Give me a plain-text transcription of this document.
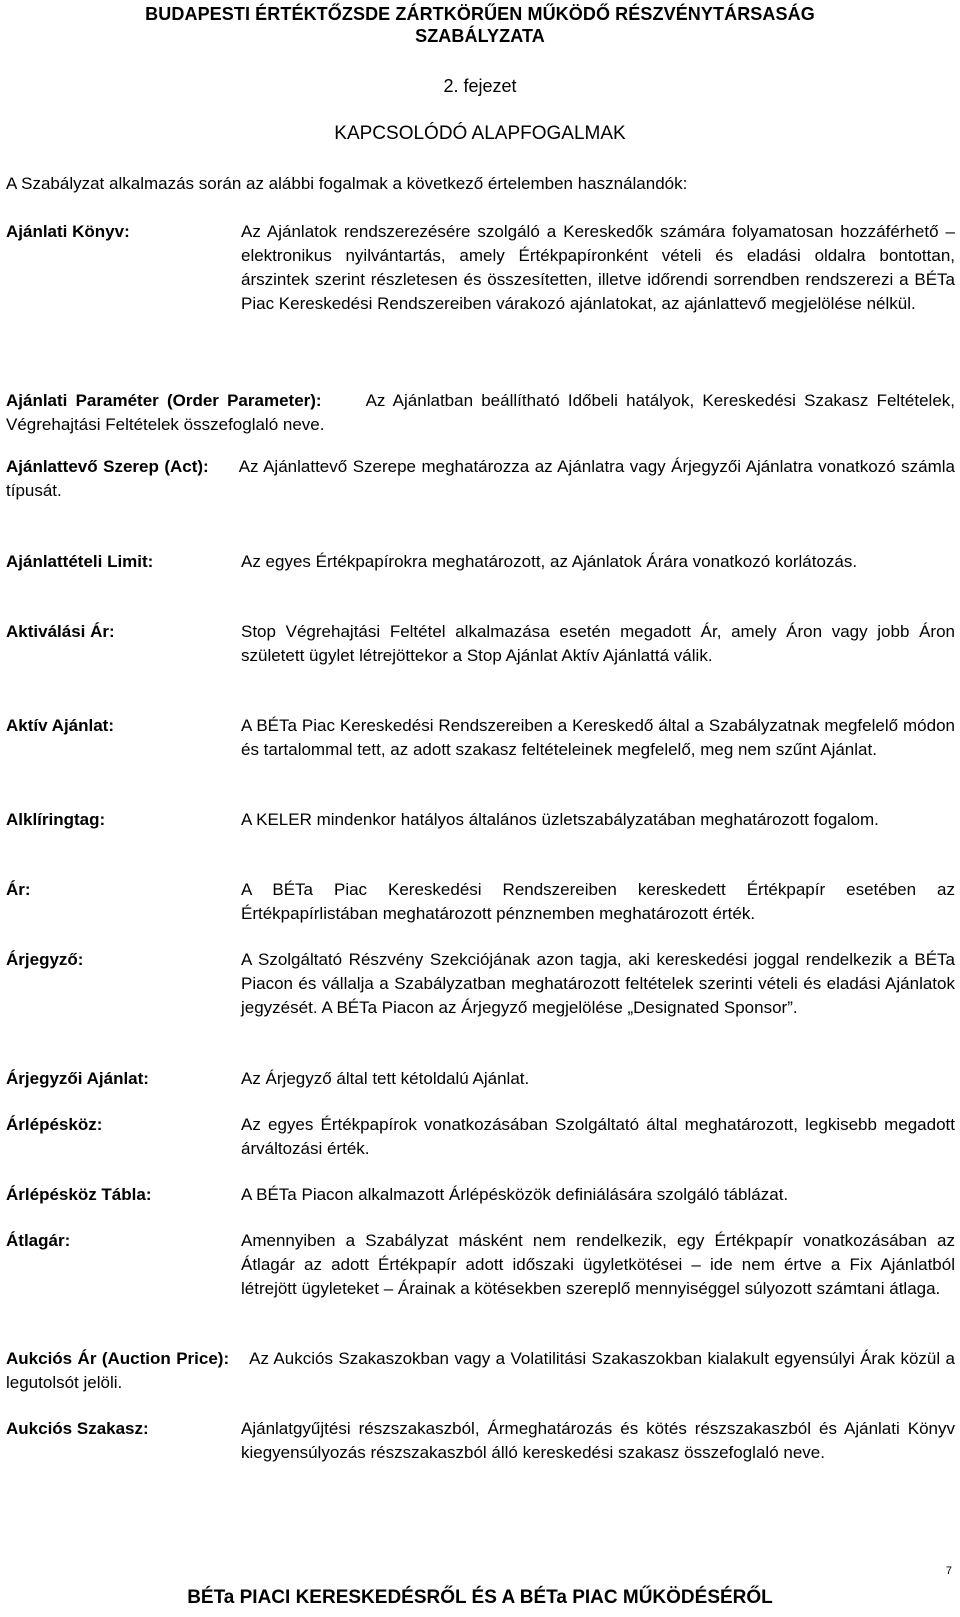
BUDAPESTI ÉRTÉKTŐZSDE ZÁRTKÖRŰEN MŰKÖDŐ RÉSZVÉNYTÁRSASÁG
SZABÁLYZATA
2. fejezet
KAPCSOLÓDÓ ALAPFOGALMAK
A Szabályzat alkalmazás során az alábbi fogalmak a következő értelemben használandók:
Ajánlati Könyv:	Az Ajánlatok rendszerezésére szolgáló a Kereskedők számára folyamatosan hozzáférhető – elektronikus nyilvántartás, amely Értékpapíronként vételi és eladási oldalra bontottan, árszintek szerint részletesen és összesítetten, illetve időrendi sorrendben rendszerezi a BÉTa Piac Kereskedési Rendszereiben várakozó ajánlatokat, az ajánlattevő megjelölése nélkül.
Ajánlati Paraméter (Order Parameter):	Az Ajánlatban beállítható Időbeli hatályok, Kereskedési Szakasz Feltételek, Végrehajtási Feltételek összefoglaló neve.
Ajánlattevő Szerep (Act): Az Ajánlattevő Szerepe meghatározza az Ajánlatra vagy Árjegyzői Ajánlatra vonatkozó számla típusát.
Ajánlattételi Limit:	Az egyes Értékpapírokra meghatározott, az Ajánlatok Árára vonatkozó korlátozás.
Aktiválási Ár:	Stop Végrehajtási Feltétel alkalmazása esetén megadott Ár, amely Áron vagy jobb Áron született ügylet létrejöttekor a Stop Ajánlat Aktív Ajánlattá válik.
Aktív Ajánlat:	A BÉTa Piac Kereskedési Rendszereiben a Kereskedő által a Szabályzatnak megfelelő módon és tartalommal tett, az adott szakasz feltételeinek megfelelő, meg nem szűnt Ajánlat.
Alklíringtag:	A KELER mindenkor hatályos általános üzletszabályzatában meghatározott fogalom.
Ár:	A BÉTa Piac Kereskedési Rendszereiben kereskedett Értékpapír esetében az Értékpapírlistában meghatározott pénznemben meghatározott érték.
Árjegyző:	A Szolgáltató Részvény Szekciójának azon tagja, aki kereskedési joggal rendelkezik a BÉTa Piacon és vállalja a Szabályzatban meghatározott feltételek szerinti vételi és eladási Ajánlatok jegyzését. A BÉTa Piacon az Árjegyző megjelölése „Designated Sponsor”.
Árjegyzői Ajánlat:	Az Árjegyző által tett kétoldalú Ajánlat.
Árlépésköz:	Az egyes Értékpapírok vonatkozásában Szolgáltató által meghatározott, legkisebb megadott árváltozási érték.
Árlépésköz Tábla:	A BÉTa Piacon alkalmazott Árlépésközök definiálására szolgáló táblázat.
Átlagár:	Amennyiben a Szabályzat másként nem rendelkezik, egy Értékpapír vonatkozásában az Átlagár az adott Értékpapír adott időszaki ügyletkötései – ide nem értve a Fix Ajánlatból létrejött ügyleteket – Árainak a kötésekben szereplő mennyiséggel súlyozott számtani átlaga.
Aukciós Ár (Auction Price): Az Aukciós Szakaszokban vagy a Volatilitási Szakaszokban kialakult egyensúlyi Árak közül a legutolsót jelöli.
Aukciós Szakasz:	Ajánlatgyűjtési részszakaszból, Ármeghatározás és kötés részszakaszból és Ajánlati Könyv kiegyensúlyozás részszakaszból álló kereskedési szakasz összefoglaló neve.
7
BÉTa PIACI KERESKEDÉSRŐL ÉS A BÉTa PIAC MŰKÖDÉSÉRŐL
